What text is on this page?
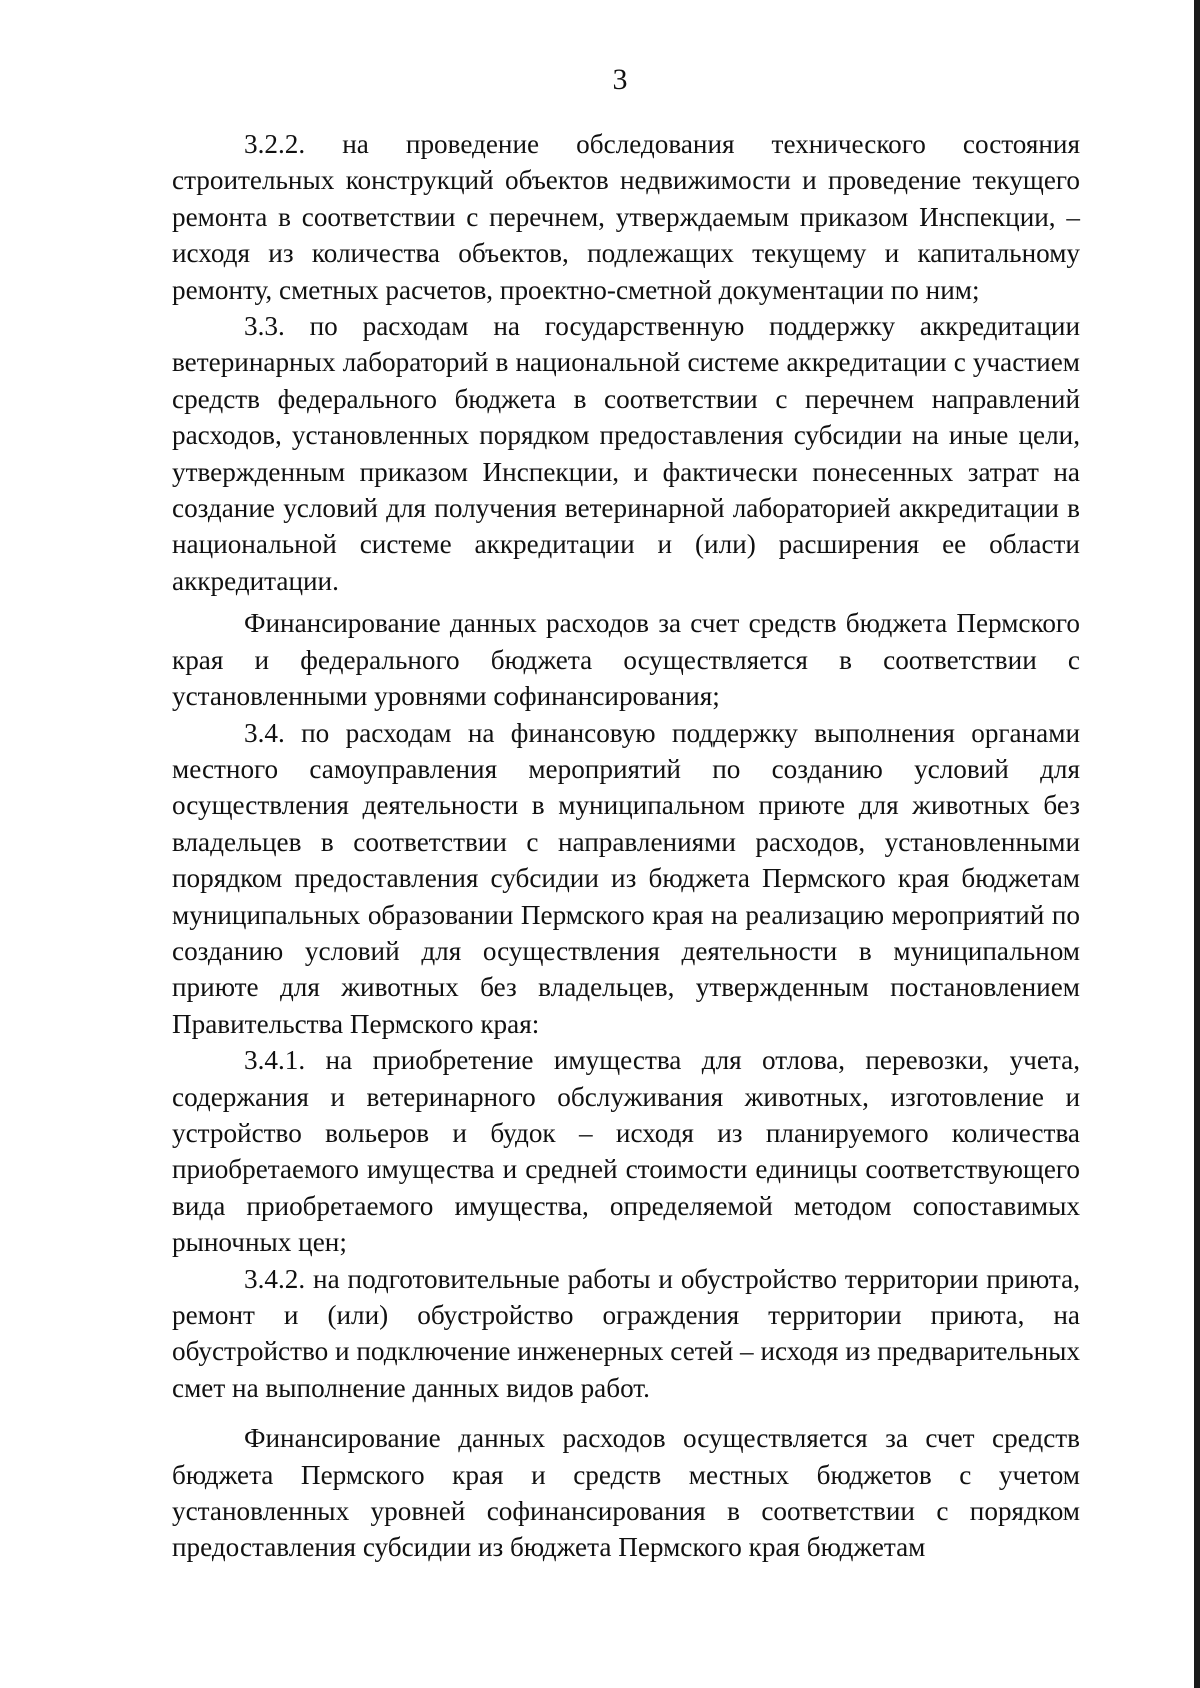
3

3.2.2. на проведение обследования технического состояния строительных конструкций объектов недвижимости и проведение текущего ремонта в соответствии с перечнем, утверждаемым приказом Инспекции, – исходя из количества объектов, подлежащих текущему и капитальному ремонту, сметных расчетов, проектно-сметной документации по ним;

3.3. по расходам на государственную поддержку аккредитации ветеринарных лабораторий в национальной системе аккредитации с участием средств федерального бюджета в соответствии с перечнем направлений расходов, установленных порядком предоставления субсидии на иные цели, утвержденным приказом Инспекции, и фактически понесенных затрат на создание условий для получения ветеринарной лабораторией аккредитации в национальной системе аккредитации и (или) расширения ее области аккредитации.

Финансирование данных расходов за счет средств бюджета Пермского края и федерального бюджета осуществляется в соответствии с установленными уровнями софинансирования;

3.4. по расходам на финансовую поддержку выполнения органами местного самоуправления мероприятий по созданию условий для осуществления деятельности в муниципальном приюте для животных без владельцев в соответствии с направлениями расходов, установленными порядком предоставления субсидии из бюджета Пермского края бюджетам муниципальных образовании Пермского края на реализацию мероприятий по созданию условий для осуществления деятельности в муниципальном приюте для животных без владельцев, утвержденным постановлением Правительства Пермского края:

3.4.1. на приобретение имущества для отлова, перевозки, учета, содержания и ветеринарного обслуживания животных, изготовление и устройство вольеров и будок – исходя из планируемого количества приобретаемого имущества и средней стоимости единицы соответствующего вида приобретаемого имущества, определяемой методом сопоставимых рыночных цен;

3.4.2. на подготовительные работы и обустройство территории приюта, ремонт и (или) обустройство ограждения территории приюта, на обустройство и подключение инженерных сетей – исходя из предварительных смет на выполнение данных видов работ.

Финансирование данных расходов осуществляется за счет средств бюджета Пермского края и средств местных бюджетов с учетом установленных уровней софинансирования в соответствии с порядком предоставления субсидии из бюджета Пермского края бюджетам
